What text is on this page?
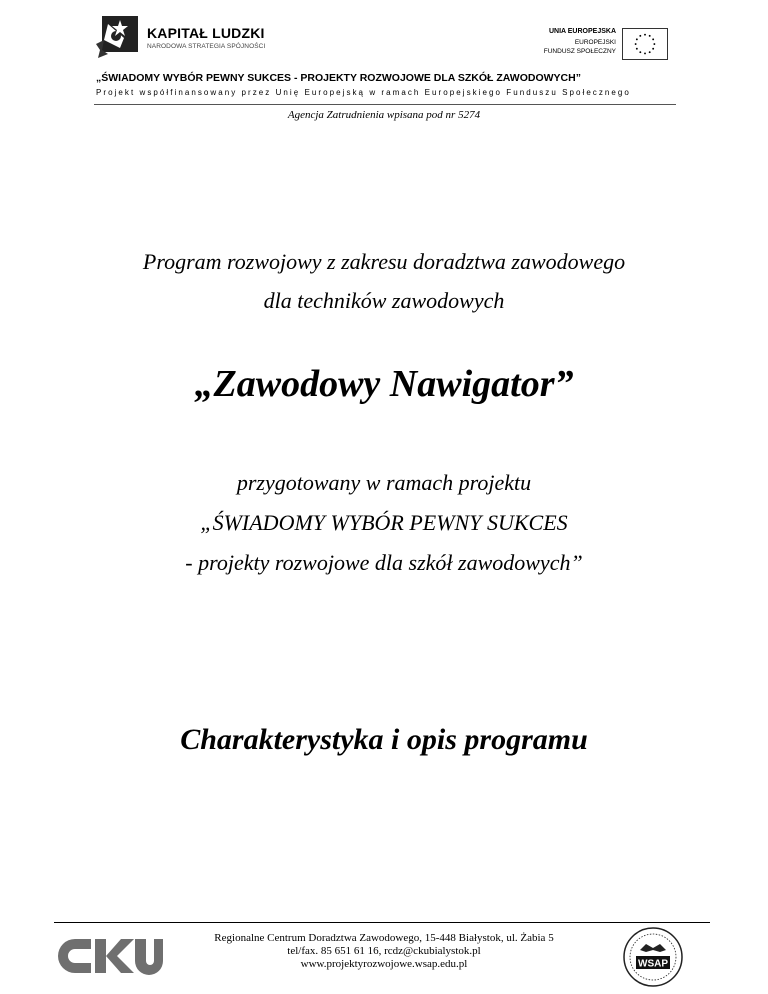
KAPITAŁ LUDZKI
NARODOWA STRATEGIA SPÓJNOŚCI
UNIA EUROPEJSKA
EUROPEJSKI
FUNDUSZ SPOŁECZNY
„ŚWIADOMY WYBÓR PEWNY SUKCES - PROJEKTY ROZWOJOWE DLA SZKÓŁ ZAWODOWYCH”
Projekt współfinansowany przez Unię Europejską w ramach Europejskiego Funduszu Społecznego
Agencja Zatrudnienia wpisana pod nr 5274
Program rozwojowy z zakresu doradztwa zawodowego
dla techników zawodowych
„Zawodowy Nawigator”
przygotowany w ramach projektu
„ŚWIADOMY WYBÓR PEWNY SUKCES
- projekty rozwojowe dla szkół zawodowych”
Charakterystyka i opis programu
Regionalne Centrum Doradztwa Zawodowego, 15-448 Białystok, ul. Żabia 5
tel/fax. 85 651 61 16, rcdz@ckubialystok.pl
www.projektyrozwojowe.wsap.edu.pl	WSAP
